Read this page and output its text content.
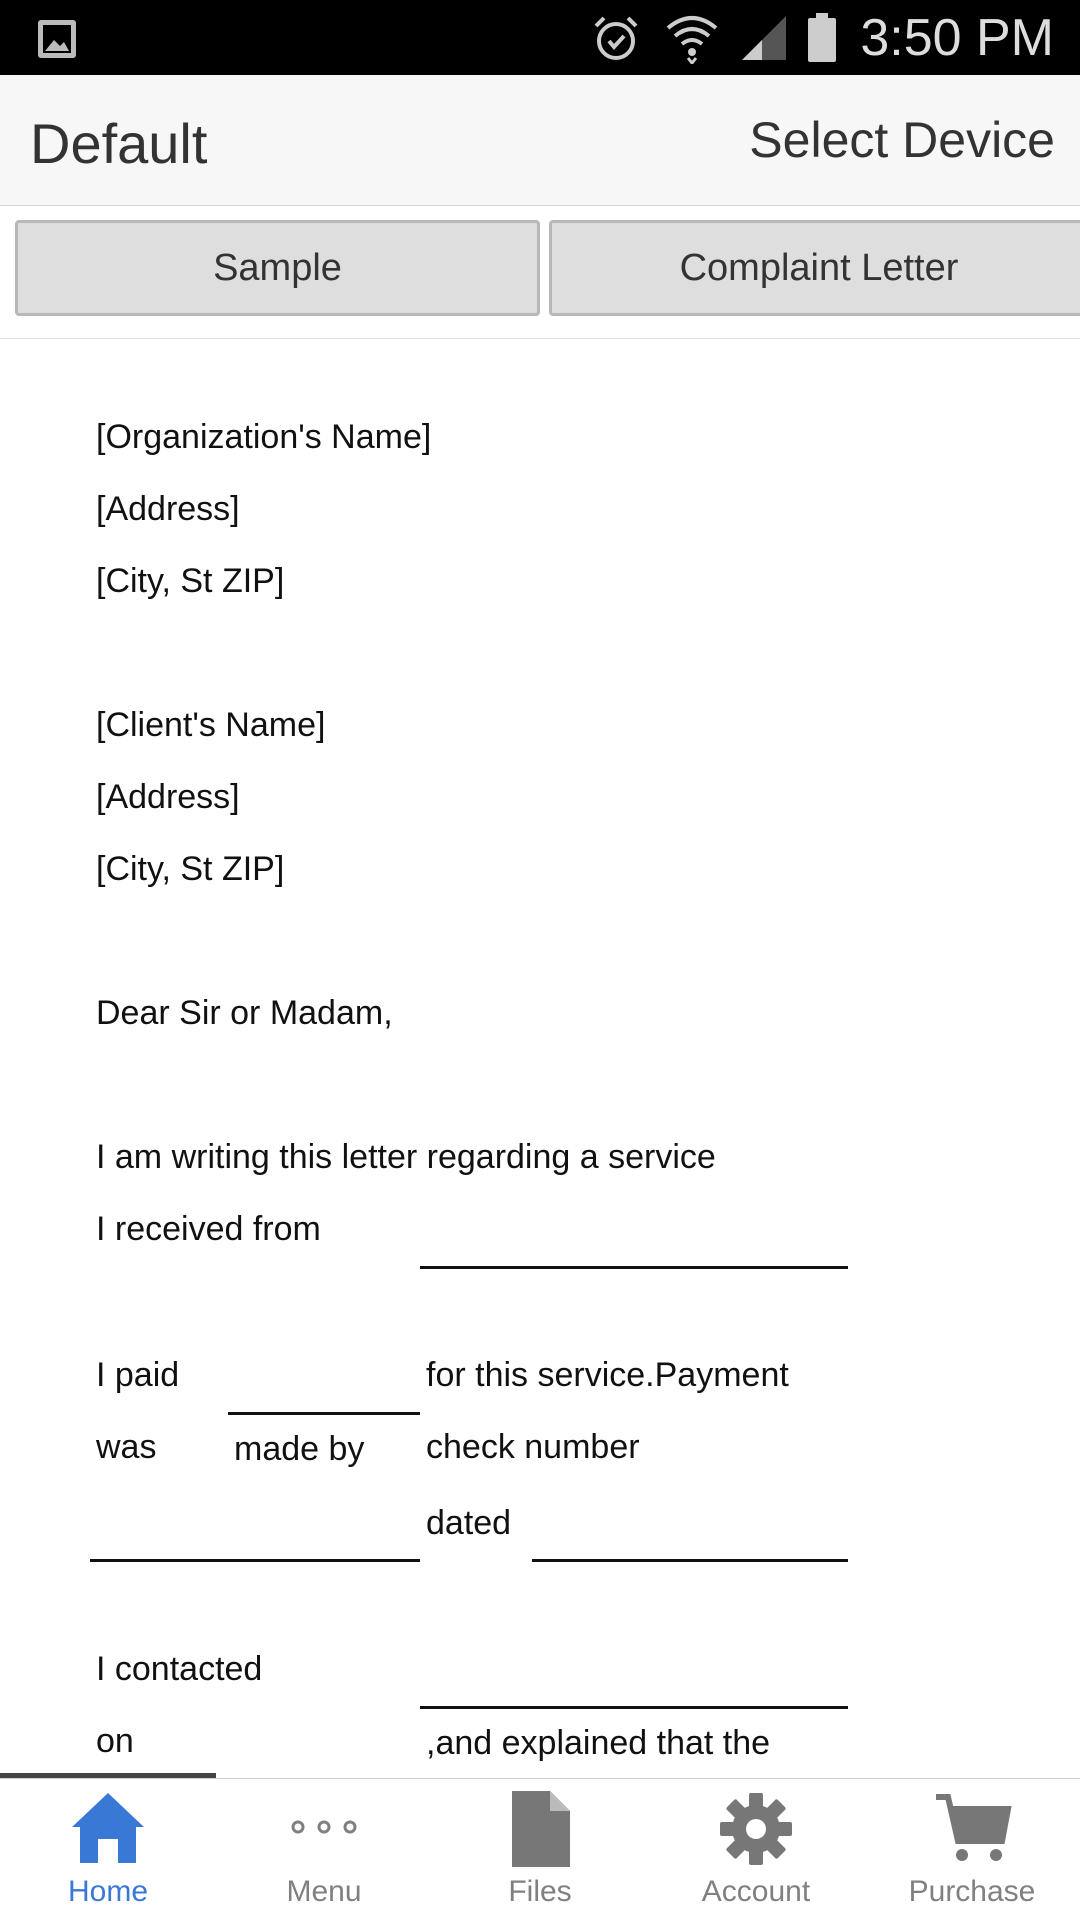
3:50 PM
Default	Select Device
Sample	Complaint Letter
[Organization's Name]
[Address]
[City, St ZIP]
[Client's Name]
[Address]
[City, St ZIP]
Dear Sir or Madam,
I am writing this letter regarding a service
I received from
I paid	for this service.Payment
was made by check number
dated
I contacted
on	,and explained that the
Home	Menu	Files	Account	Purchase
